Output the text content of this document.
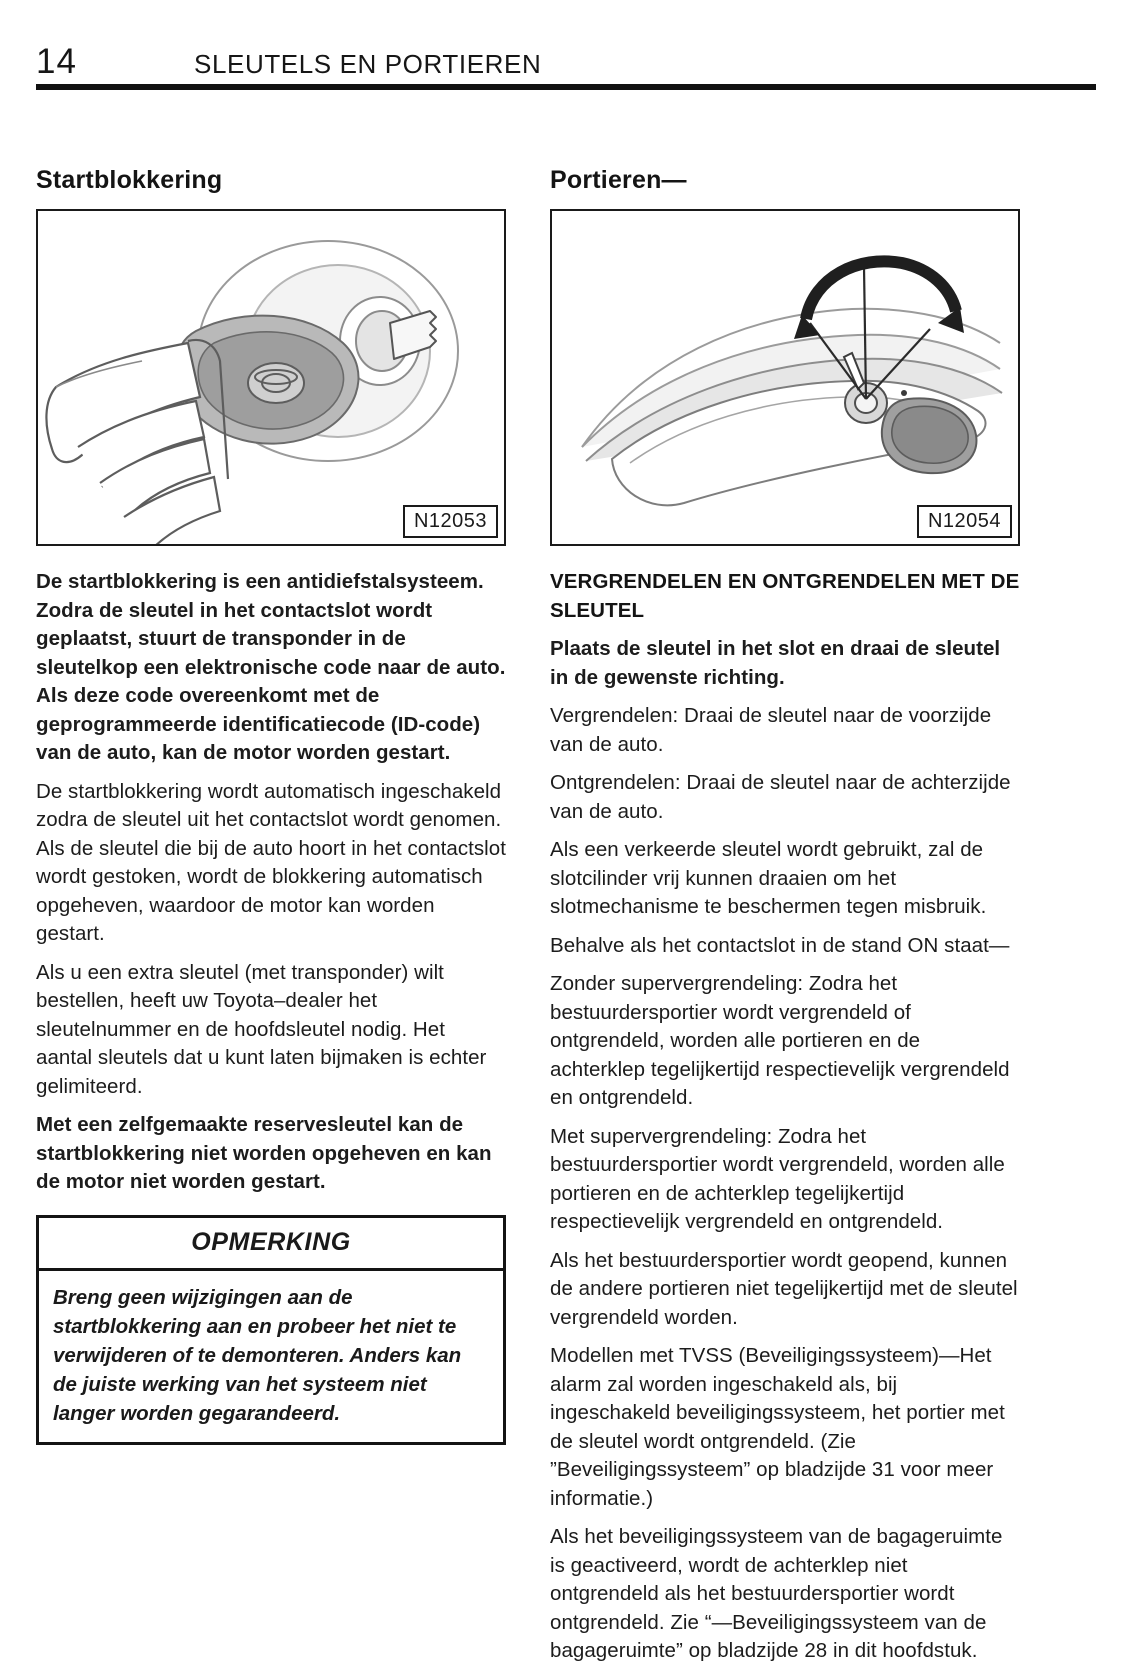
14	SLEUTELS EN PORTIEREN
Startblokkering
N12053

De startblokkering is een antidiefstalsysteem. Zodra de sleutel in het contactslot wordt geplaatst, stuurt de transponder in de sleutelkop een elektronische code naar de auto. Als deze code overeenkomt met de geprogrammeerde identificatiecode (ID-code) van de auto, kan de motor worden gestart.

De startblokkering wordt automatisch ingeschakeld zodra de sleutel uit het contactslot wordt genomen. Als de sleutel die bij de auto hoort in het contactslot wordt gestoken, wordt de blokkering automatisch opgeheven, waardoor de motor kan worden gestart.

Als u een extra sleutel (met transponder) wilt bestellen, heeft uw Toyota–dealer het sleutelnummer en de hoofdsleutel nodig. Het aantal sleutels dat u kunt laten bijmaken is echter gelimiteerd.

Met een zelfgemaakte reservesleutel kan de startblokkering niet worden opgeheven en kan de motor niet worden gestart.

OPMERKING

Breng geen wijzigingen aan de startblokkering aan en probeer het niet te verwijderen of te demonteren. Anders kan de juiste werking van het systeem niet langer worden gegarandeerd.

Portieren—
N12054
VERGRENDELEN EN ONTGRENDELEN MET DE SLEUTEL

Plaats de sleutel in het slot en draai de sleutel in de gewenste richting.

Vergrendelen: Draai de sleutel naar de voorzijde van de auto.

Ontgrendelen: Draai de sleutel naar de achterzijde van de auto.

Als een verkeerde sleutel wordt gebruikt, zal de slotcilinder vrij kunnen draaien om het slotmechanisme te beschermen tegen misbruik.

Behalve als het contactslot in de stand ON staat—

Zonder supervergrendeling: Zodra het bestuurdersportier wordt vergrendeld of ontgrendeld, worden alle portieren en de achterklep tegelijkertijd respectievelijk vergrendeld en ontgrendeld.

Met supervergrendeling: Zodra het bestuurdersportier wordt vergrendeld, worden alle portieren en de achterklep tegelijkertijd respectievelijk vergrendeld en ontgrendeld.

Als het bestuurdersportier wordt geopend, kunnen de andere portieren niet tegelijkertijd met de sleutel vergrendeld worden.

Modellen met TVSS (Beveiligingssysteem)—Het alarm zal worden ingeschakeld als, bij ingeschakeld beveiligingssysteem, het portier met de sleutel wordt ontgrendeld. (Zie ”Beveiligingssysteem” op bladzijde 31 voor meer informatie.)

Als het beveiligingssysteem van de bagageruimte is geactiveerd, wordt de achterklep niet ontgrendeld als het bestuurdersportier wordt ontgrendeld. Zie “—Beveiligingssysteem van de bagageruimte” op bladzijde 28 in dit hoofdstuk.
